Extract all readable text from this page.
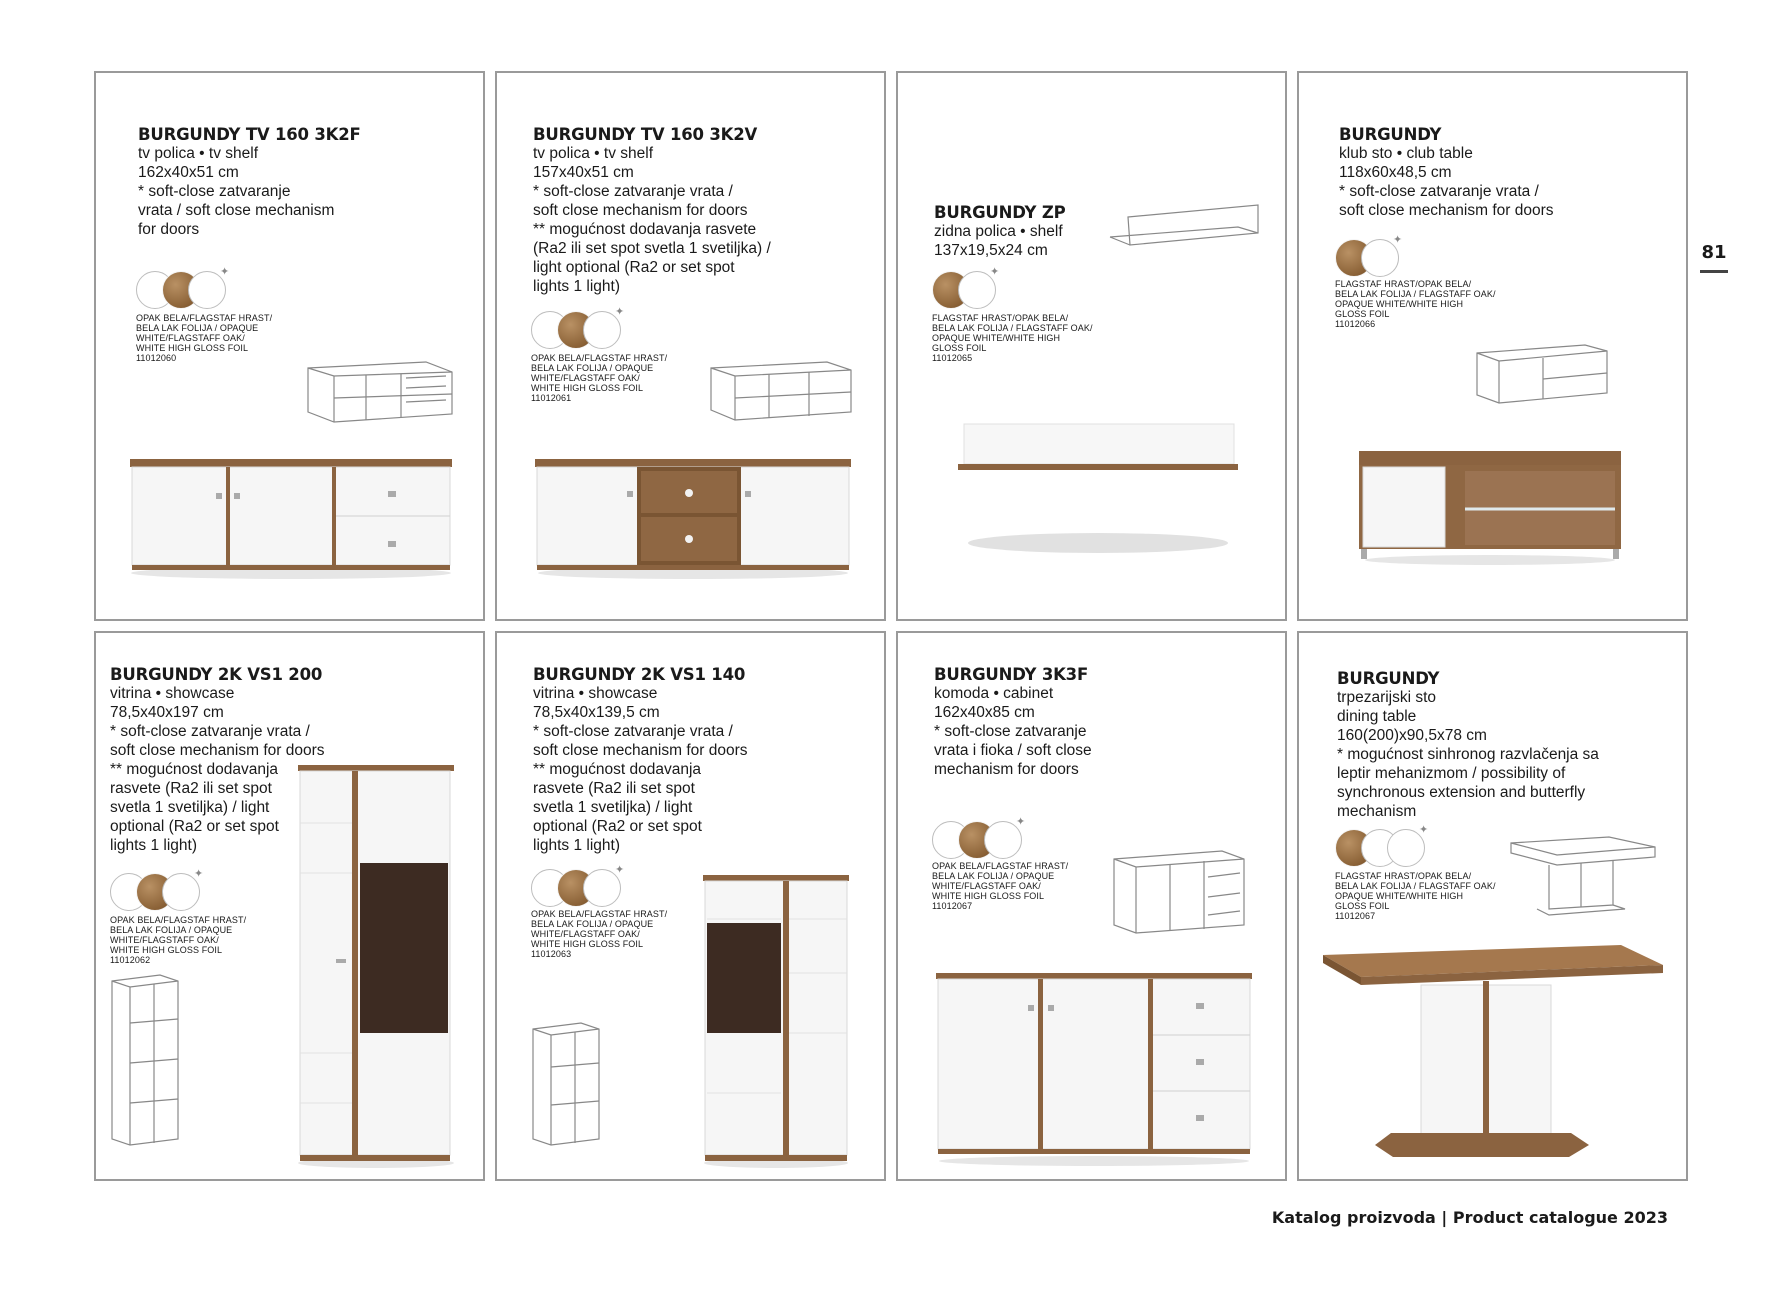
81
Katalog proizvoda | Product catalogue 2023
BURGUNDY TV 160 3K2F
tv polica • tv shelf
162x40x51 cm
* soft-close zatvaranje
vrata / soft close mechanism
for doors
✦
OPAK BELA/FLAGSTAF HRAST/
BELA LAK FOLIJA / OPAQUE
WHITE/FLAGSTAFF OAK/
WHITE HIGH GLOSS FOIL
11012060
BURGUNDY TV 160 3K2V
tv polica • tv shelf
157x40x51 cm
* soft-close zatvaranje vrata /
soft close mechanism for doors
** mogućnost dodavanja rasvete
(Ra2 ili set spot svetla 1 svetiljka) /
light optional (Ra2 or set spot
lights 1 light)
✦
OPAK BELA/FLAGSTAF HRAST/
BELA LAK FOLIJA / OPAQUE
WHITE/FLAGSTAFF OAK/
WHITE HIGH GLOSS FOIL
11012061
BURGUNDY ZP
zidna polica • shelf
137x19,5x24 cm
✦
FLAGSTAF HRAST/OPAK BELA/
BELA LAK FOLIJA / FLAGSTAFF OAK/
OPAQUE WHITE/WHITE HIGH
GLOSS FOIL
11012065
BURGUNDY
klub sto • club table
118x60x48,5 cm
* soft-close zatvaranje vrata /
soft close mechanism for doors
✦
FLAGSTAF HRAST/OPAK BELA/
BELA LAK FOLIJA / FLAGSTAFF OAK/
OPAQUE WHITE/WHITE HIGH
GLOSS FOIL
11012066
BURGUNDY 2K VS1 200
vitrina • showcase
78,5x40x197 cm
* soft-close zatvaranje vrata /
soft close mechanism for doors
** mogućnost dodavanja
rasvete (Ra2 ili set spot
svetla 1 svetiljka) / light
optional (Ra2 or set spot
lights 1 light)
✦
OPAK BELA/FLAGSTAF HRAST/
BELA LAK FOLIJA / OPAQUE
WHITE/FLAGSTAFF OAK/
WHITE HIGH GLOSS FOIL
11012062
BURGUNDY 2K VS1 140
vitrina • showcase
78,5x40x139,5 cm
* soft-close zatvaranje vrata /
soft close mechanism for doors
** mogućnost dodavanja
rasvete (Ra2 ili set spot
svetla 1 svetiljka) / light
optional (Ra2 or set spot
lights 1 light)
✦
OPAK BELA/FLAGSTAF HRAST/
BELA LAK FOLIJA / OPAQUE
WHITE/FLAGSTAFF OAK/
WHITE HIGH GLOSS FOIL
11012063
BURGUNDY 3K3F
komoda • cabinet
162x40x85 cm
* soft-close zatvaranje
vrata i fioka / soft close
mechanism for doors
✦
OPAK BELA/FLAGSTAF HRAST/
BELA LAK FOLIJA / OPAQUE
WHITE/FLAGSTAFF OAK/
WHITE HIGH GLOSS FOIL
11012067
BURGUNDY
trpezarijski sto
dining table
160(200)x90,5x78 cm
* mogućnost sinhronog razvlačenja sa
leptir mehanizmom / possibility of
synchronous extension and butterfly
mechanism
✦
FLAGSTAF HRAST/OPAK BELA/
BELA LAK FOLIJA / FLAGSTAFF OAK/
OPAQUE WHITE/WHITE HIGH
GLOSS FOIL
11012067
